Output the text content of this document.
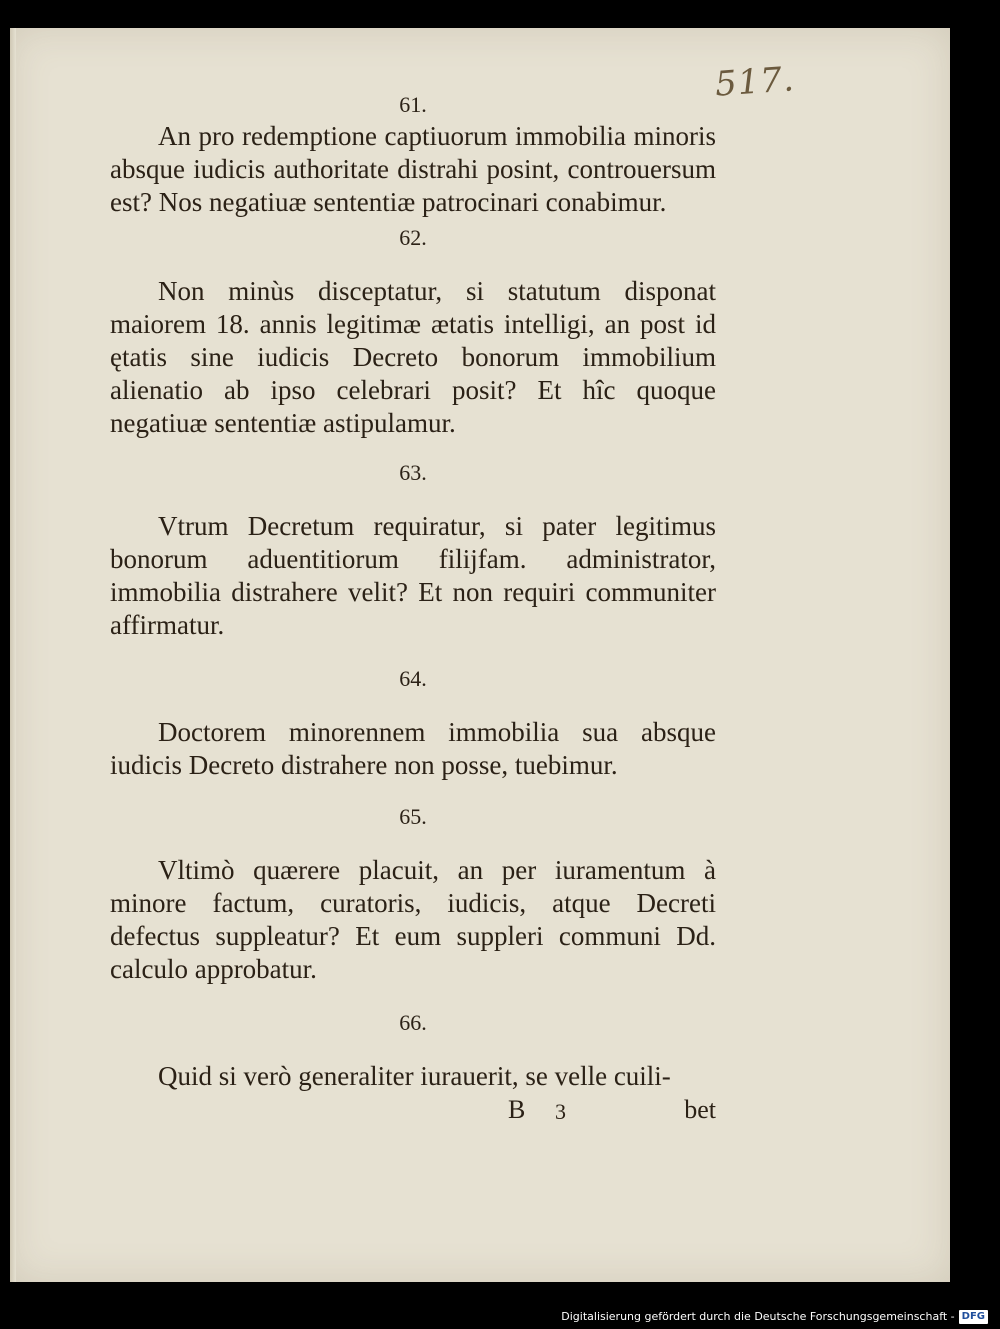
517.
61.

An pro redemptione captiuorum immobilia minoris absque iudicis authoritate distrahi posint, controuersum est? Nos negatiuæ sententiæ patrocinari conabimur.

62.

Non minùs disceptatur, si statutum disponat maiorem 18. annis legitimæ ætatis intelligi, an post id ętatis sine iudicis Decreto bonorum immobilium alienatio ab ipso celebrari posit? Et hîc quoque negatiuæ sententiæ astipulamur.

63.

Vtrum Decretum requiratur, si pater legitimus bonorum aduentitiorum filijfam. administrator, immobilia distrahere velit? Et non requiri communiter affirmatur.

64.

Doctorem minorennem immobilia sua absque iudicis Decreto distrahere non posse, tuebimur.

65.

Vltimò quærere placuit, an per iuramentum à minore factum, curatoris, iudicis, atque Decreti defectus suppleatur? Et eum suppleri communi Dd. calculo approbatur.

66.

Quid si verò generaliter iurauerit, se velle cuili-

B 3	bet
Digitalisierung gefördert durch die Deutsche Forschungsgemeinschaft - DFG
